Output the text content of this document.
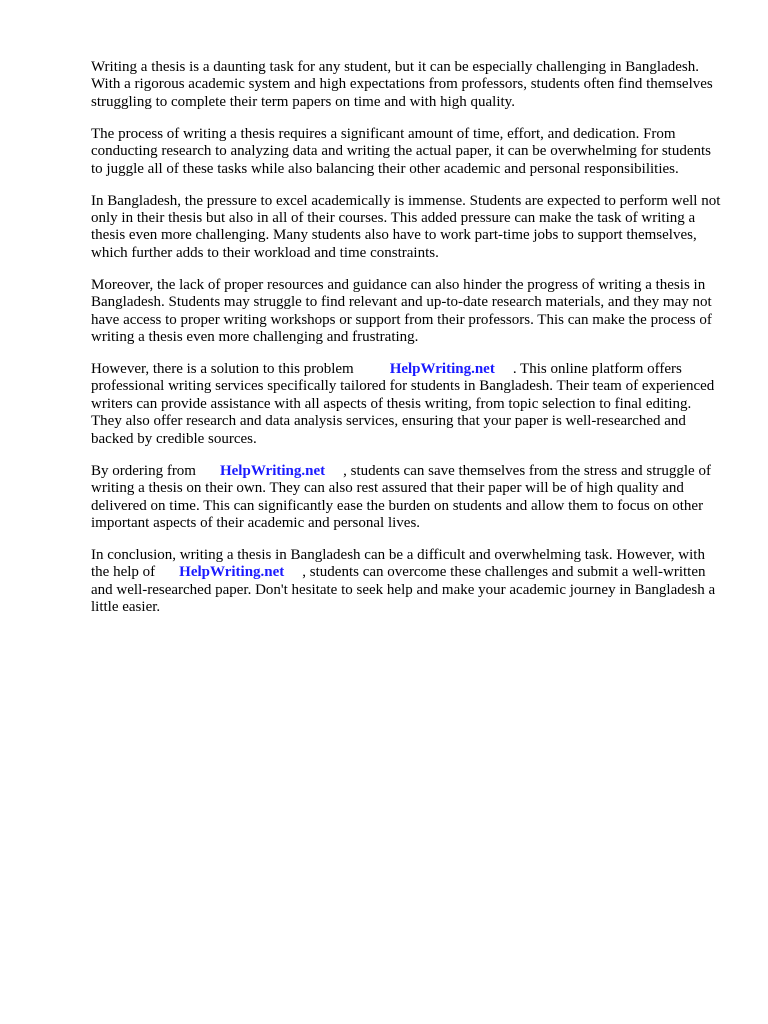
Writing a thesis is a daunting task for any student, but it can be especially challenging in Bangladesh. With a rigorous academic system and high expectations from professors, students often find themselves struggling to complete their term papers on time and with high quality.

The process of writing a thesis requires a significant amount of time, effort, and dedication. From conducting research to analyzing data and writing the actual paper, it can be overwhelming for students to juggle all of these tasks while also balancing their other academic and personal responsibilities.

In Bangladesh, the pressure to excel academically is immense. Students are expected to perform well not only in their thesis but also in all of their courses. This added pressure can make the task of writing a thesis even more challenging. Many students also have to work part-time jobs to support themselves, which further adds to their workload and time constraints.

Moreover, the lack of proper resources and guidance can also hinder the progress of writing a thesis in Bangladesh. Students may struggle to find relevant and up-to-date research materials, and they may not have access to proper writing workshops or support from their professors. This can make the process of writing a thesis even more challenging and frustrating.

However, there is a solution to this problem HelpWriting.net . This online platform offers professional writing services specifically tailored for students in Bangladesh. Their team of experienced writers can provide assistance with all aspects of thesis writing, from topic selection to final editing. They also offer research and data analysis services, ensuring that your paper is well-researched and backed by credible sources.

By ordering from HelpWriting.net , students can save themselves from the stress and struggle of writing a thesis on their own. They can also rest assured that their paper will be of high quality and delivered on time. This can significantly ease the burden on students and allow them to focus on other important aspects of their academic and personal lives.

In conclusion, writing a thesis in Bangladesh can be a difficult and overwhelming task. However, with the help of HelpWriting.net , students can overcome these challenges and submit a well-written and well-researched paper. Don't hesitate to seek help and make your academic journey in Bangladesh a little easier.
